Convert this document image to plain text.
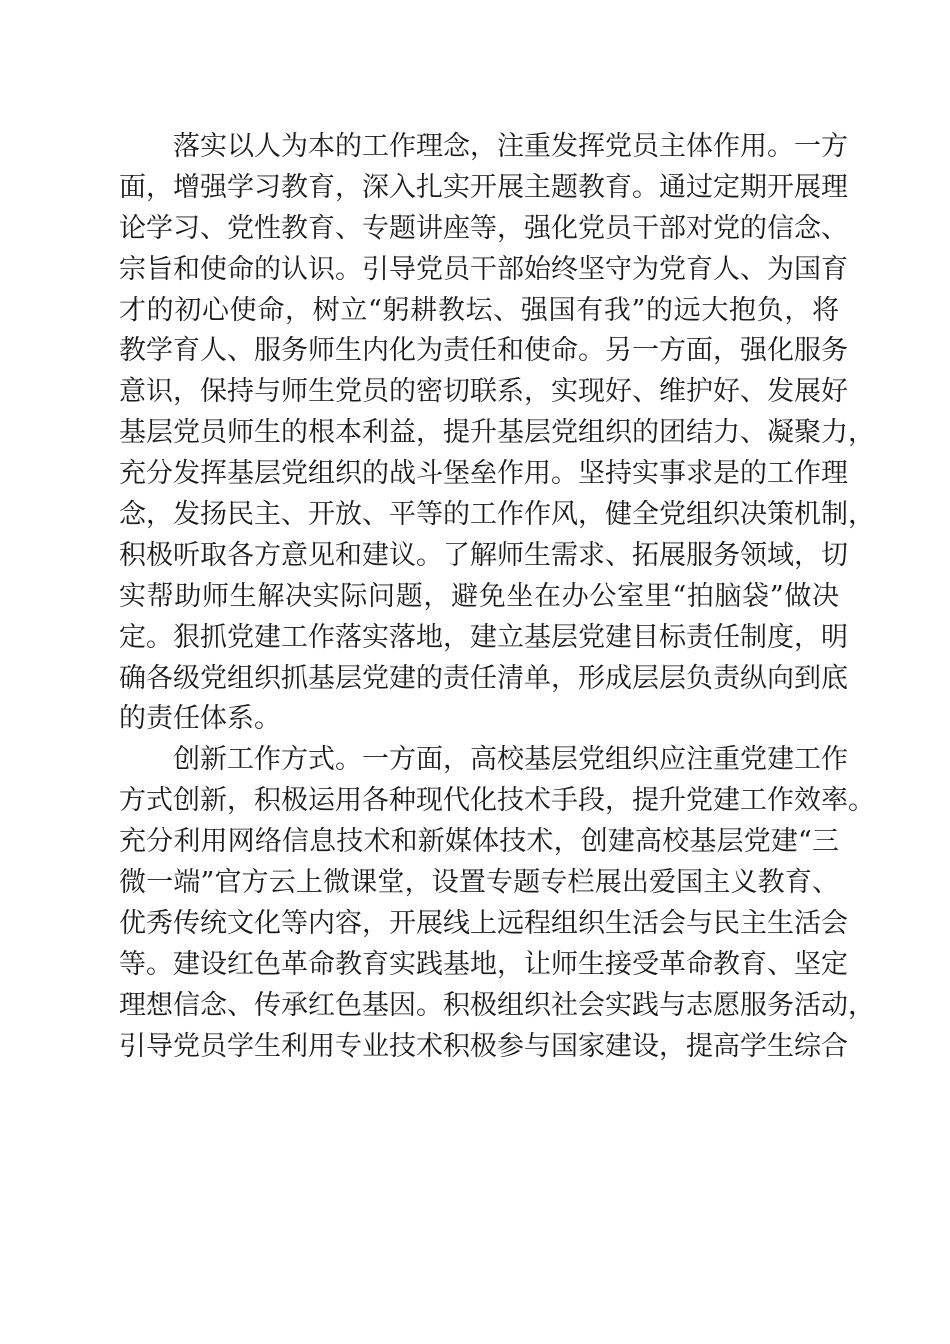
落实以人为本的工作理念，注重发挥党员主体作用。一方
面，增强学习教育，深入扎实开展主题教育。通过定期开展理
论学习、党性教育、专题讲座等，强化党员干部对党的信念、
宗旨和使命的认识。引导党员干部始终坚守为党育人、为国育
才的初心使命，树立“躬耕教坛、强国有我”的远大抱负，将
教学育人、服务师生内化为责任和使命。另一方面，强化服务
意识，保持与师生党员的密切联系，实现好、维护好、发展好
基层党员师生的根本利益，提升基层党组织的团结力、凝聚力，
充分发挥基层党组织的战斗堡垒作用。坚持实事求是的工作理
念，发扬民主、开放、平等的工作作风，健全党组织决策机制，
积极听取各方意见和建议。了解师生需求、拓展服务领域，切
实帮助师生解决实际问题，避免坐在办公室里“拍脑袋”做决
定。狠抓党建工作落实落地，建立基层党建目标责任制度，明
确各级党组织抓基层党建的责任清单，形成层层负责纵向到底
的责任体系。
创新工作方式。一方面，高校基层党组织应注重党建工作
方式创新，积极运用各种现代化技术手段，提升党建工作效率。
充分利用网络信息技术和新媒体技术，创建高校基层党建“三
微一端”官方云上微课堂，设置专题专栏展出爱国主义教育、
优秀传统文化等内容，开展线上远程组织生活会与民主生活会
等。建设红色革命教育实践基地，让师生接受革命教育、坚定
理想信念、传承红色基因。积极组织社会实践与志愿服务活动，
引导党员学生利用专业技术积极参与国家建设，提高学生综合
